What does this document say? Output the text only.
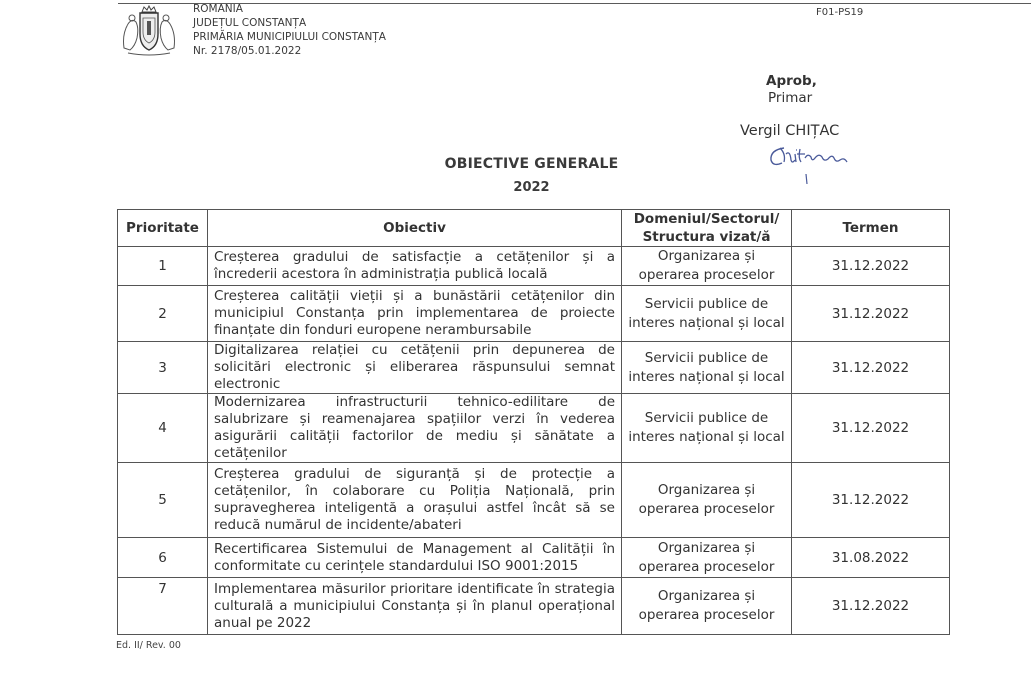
ROMANIA
JUDEȚUL CONSTANȚA
PRIMĂRIA MUNICIPIULUI CONSTANȚA
Nr. 2178/05.01.2022
F01-PS19
Aprob,
Primar
Vergil CHIȚAC
OBIECTIVE GENERALE
2022
Prioritate	Obiectiv	Domeniul/Sectorul/ Structura vizat/ă	Termen
1	Creșterea gradului de satisfacție a cetățenilor și a încrederii acestora în administrația publică locală	Organizarea și operarea proceselor	31.12.2022
2	Creșterea calității vieții și a bunăstării cetățenilor din municipiul Constanța prin implementarea de proiecte finanțate din fonduri europene nerambursabile	Servicii publice de interes național și local	31.12.2022
3	Digitalizarea relației cu cetățenii prin depunerea de solicitări electronic și eliberarea răspunsului semnat electronic	Servicii publice de interes național și local	31.12.2022
4	Modernizarea infrastructurii tehnico-edilitare de salubrizare și reamenajarea spațiilor verzi în vederea asigurării calității factorilor de mediu și sănătate a cetățenilor	Servicii publice de interes național și local	31.12.2022
5	Creșterea gradului de siguranță și de protecție a cetățenilor, în colaborare cu Poliția Națională, prin supravegherea inteligentă a orașului astfel încât să se reducă numărul de incidente/abateri	Organizarea și operarea proceselor	31.12.2022
6	Recertificarea Sistemului de Management al Calității în conformitate cu cerințele standardului ISO 9001:2015	Organizarea și operarea proceselor	31.08.2022
7	Implementarea măsurilor prioritare identificate în strategia culturală a municipiului Constanța și în planul operațional anual pe 2022	Organizarea și operarea proceselor	31.12.2022
Ed. II/ Rev. 00
